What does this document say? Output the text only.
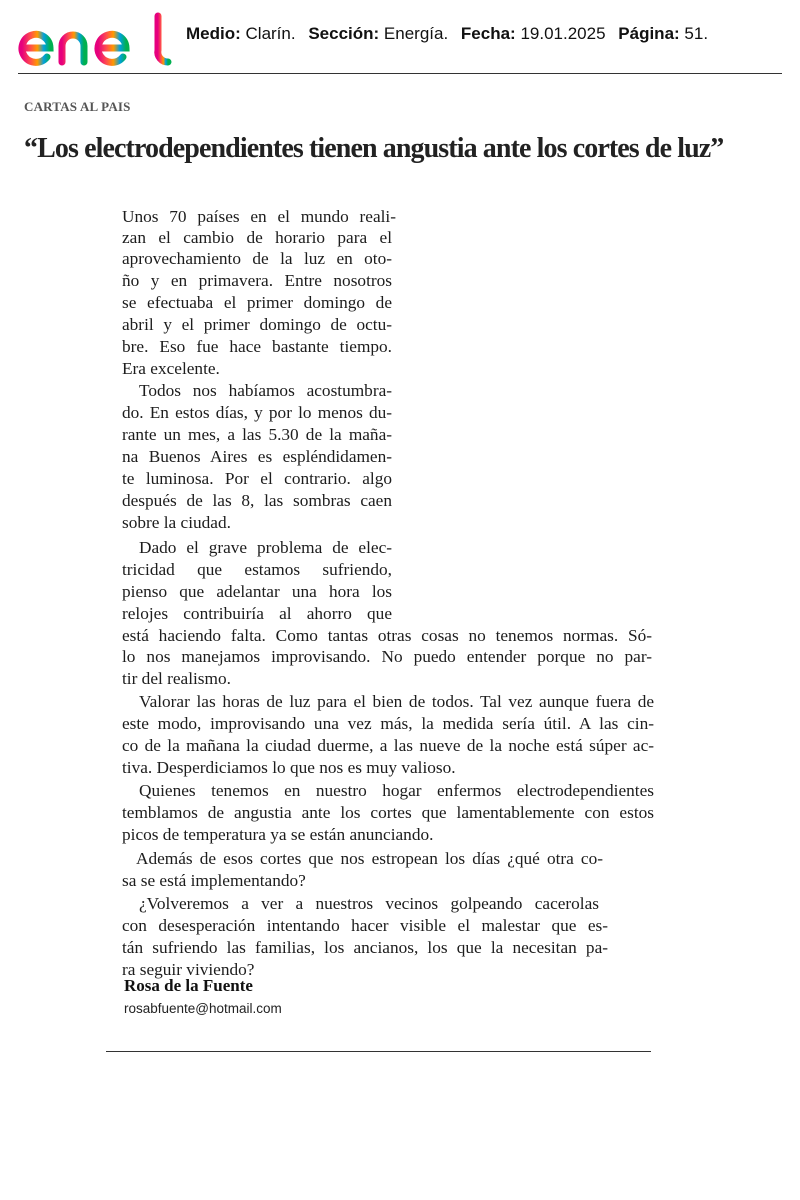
Medio: Clarín. Sección: Energía. Fecha: 19.01.2025 Página: 51.
CARTAS AL PAIS
“Los electrodependientes tienen angustia ante los cortes de luz”
Unos 70 países en el mundo reali-
zan el cambio de horario para el
aprovechamiento de la luz en oto-
ño y en primavera. Entre nosotros
se efectuaba el primer domingo de
abril y el primer domingo de octu-
bre. Eso fue hace bastante tiempo.
Era excelente.
Todos nos habíamos acostumbra-
do. En estos días, y por lo menos du-
rante un mes, a las 5.30 de la maña-
na Buenos Aires es espléndidamen-
te luminosa. Por el contrario. algo
después de las 8, las sombras caen
sobre la ciudad.
Dado el grave problema de elec-
tricidad que estamos sufriendo,
pienso que adelantar una hora los
relojes contribuiría al ahorro que
está haciendo falta. Como tantas otras cosas no tenemos normas. Só-
lo nos manejamos improvisando. No puedo entender porque no par-
tir del realismo.
Valorar las horas de luz para el bien de todos. Tal vez aunque fuera de
este modo, improvisando una vez más, la medida sería útil. A las cin-
co de la mañana la ciudad duerme, a las nueve de la noche está súper ac-
tiva. Desperdiciamos lo que nos es muy valioso.
Quienes tenemos en nuestro hogar enfermos electrodependientes
temblamos de angustia ante los cortes que lamentablemente con estos
picos de temperatura ya se están anunciando.
Además de esos cortes que nos estropean los días ¿qué otra co-
sa se está implementando?
¿Volveremos a ver a nuestros vecinos golpeando cacerolas
con desesperación intentando hacer visible el malestar que es-
tán sufriendo las familias, los ancianos, los que la necesitan pa-
ra seguir viviendo?
Rosa de la Fuente
rosabfuente@hotmail.com
